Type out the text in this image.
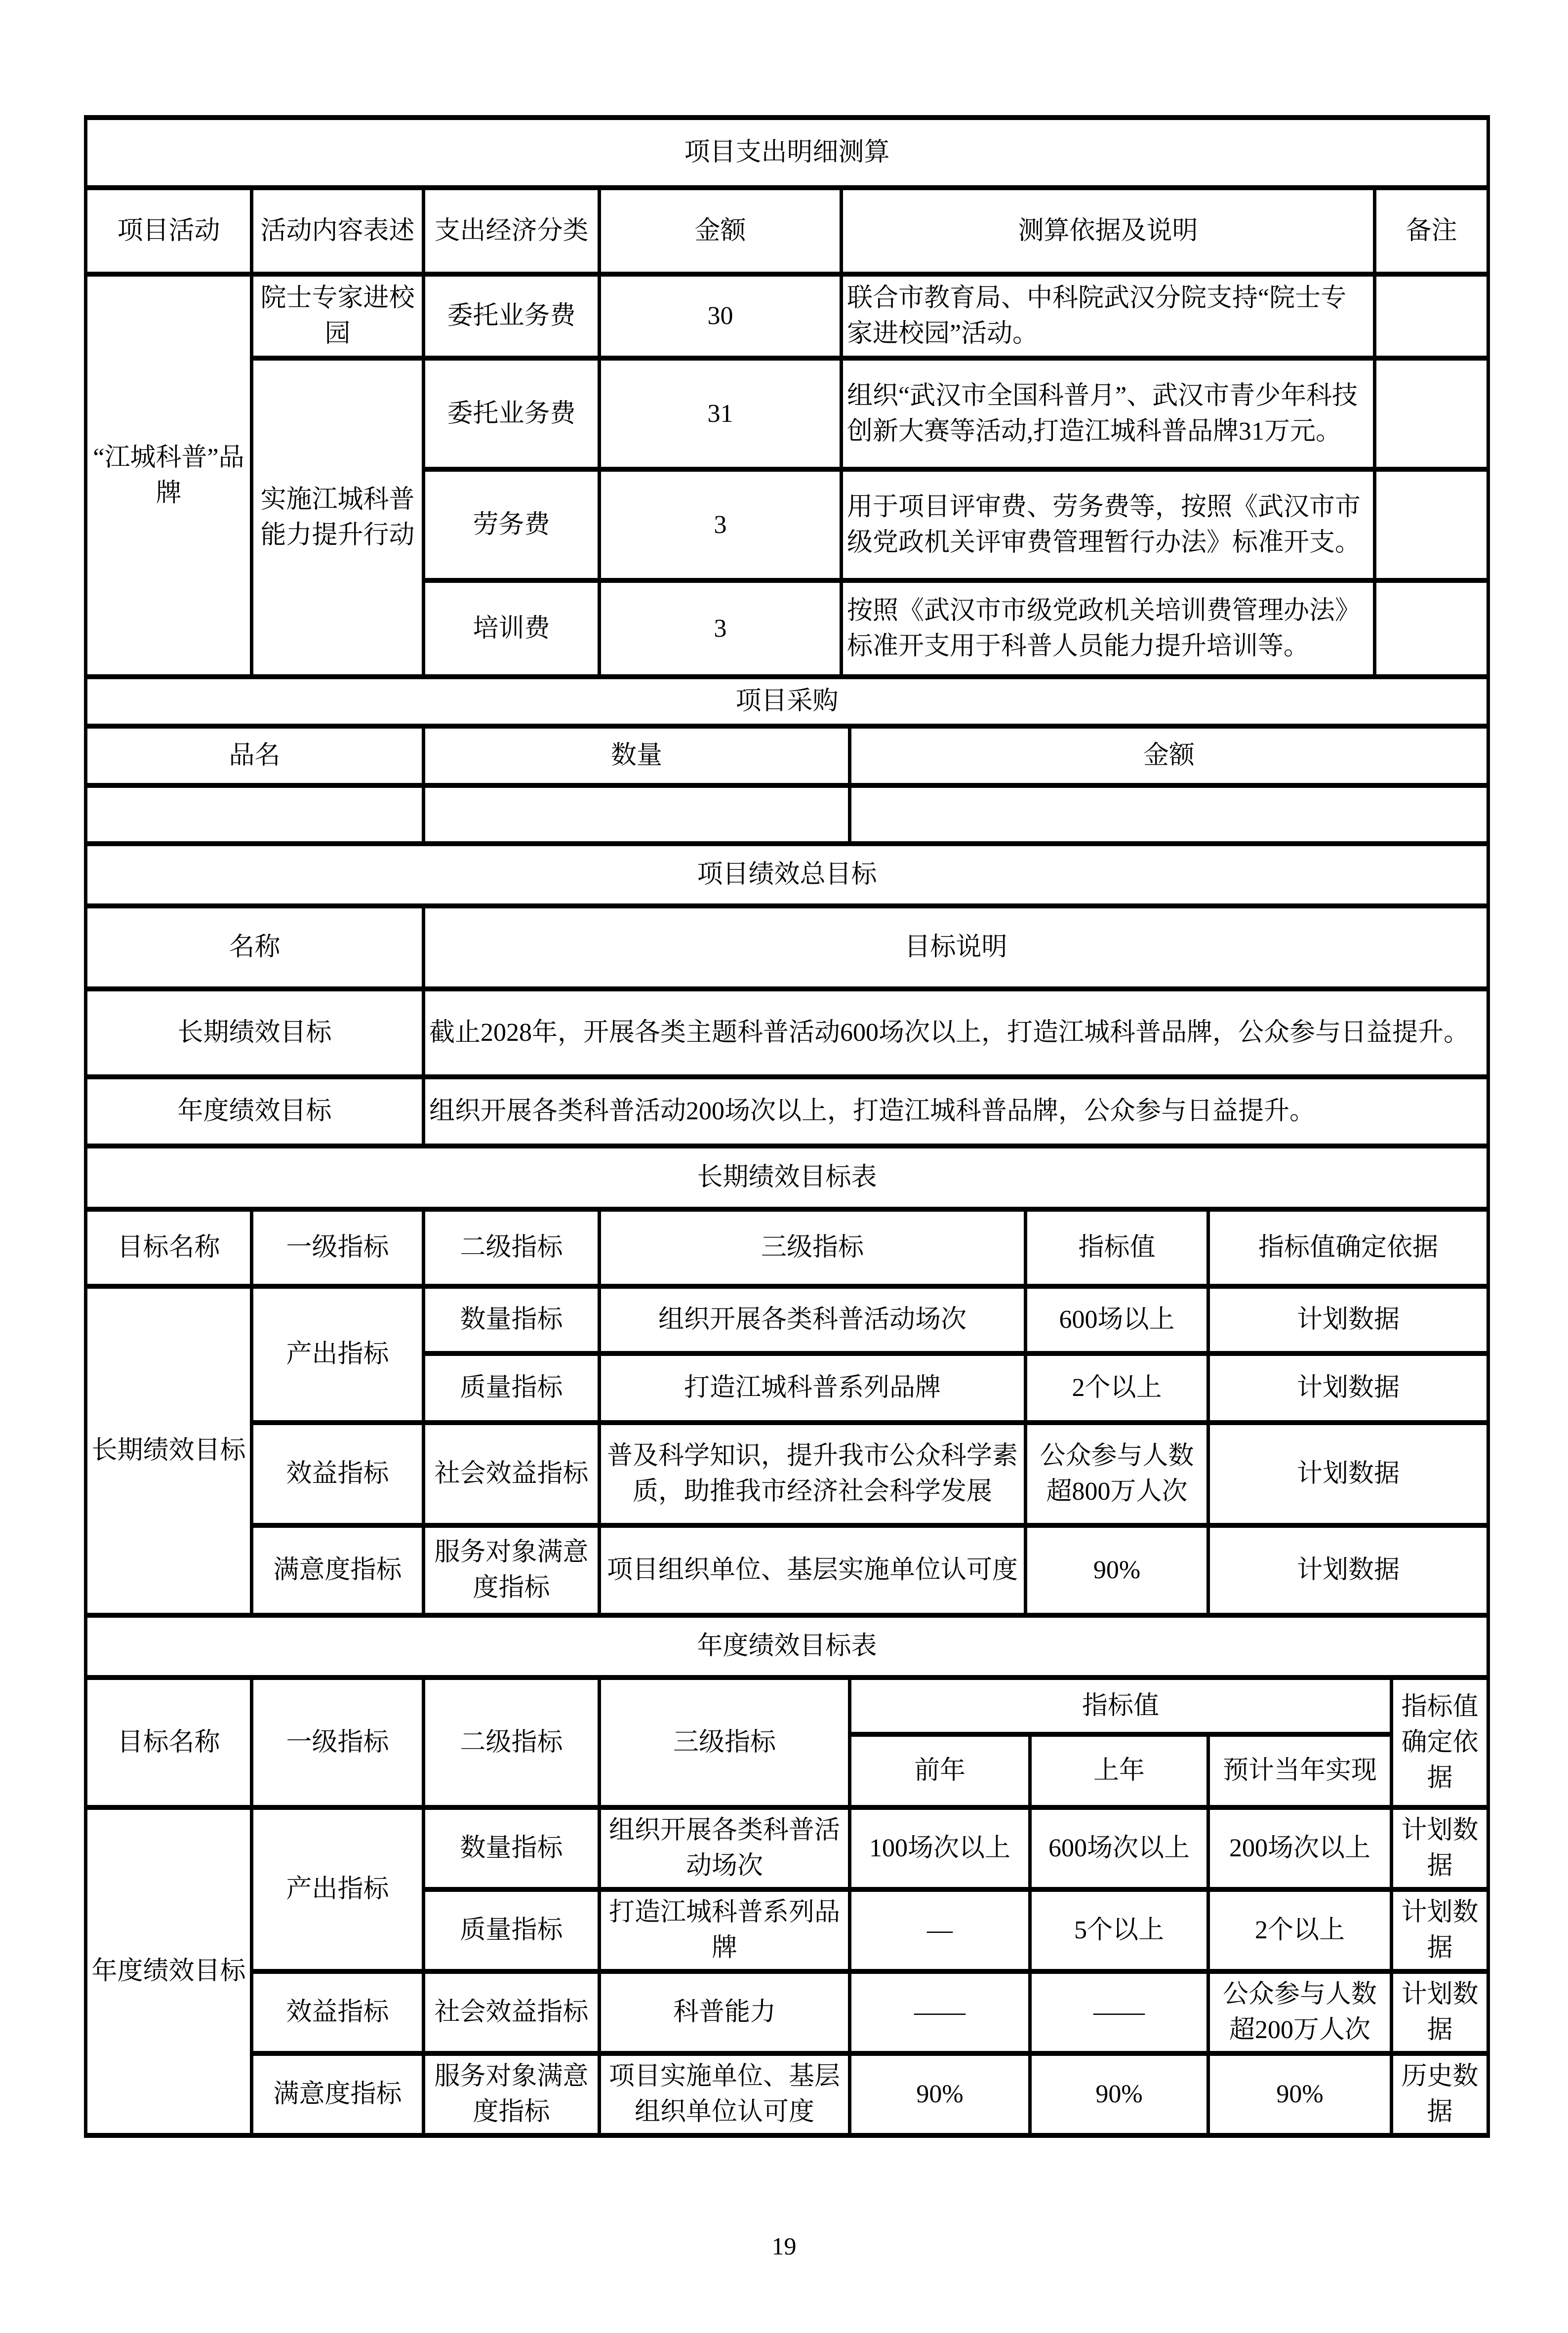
项目支出明细测算					
项目活动	活动内容表述	支出经济分类	金额	测算依据及说明	备注
“江城科普”品牌	院士专家进校园	委托业务费	30	联合市教育局、中科院武汉分院支持“院士专家进校园”活动。	
	实施江城科普能力提升行动	委托业务费	31	组织“武汉市全国科普月”、武汉市青少年科技创新大赛等活动,打造江城科普品牌31万元。	
		劳务费	3	用于项目评审费、劳务费等，按照《武汉市市级党政机关评审费管理暂行办法》标准开支。	
		培训费	3	按照《武汉市市级党政机关培训费管理办法》标准开支用于科普人员能力提升培训等。	
项目采购		
品名	数量	金额

项目绩效总目标	
名称	目标说明
长期绩效目标	截止2028年，开展各类主题科普活动600场次以上，打造江城科普品牌，公众参与日益提升。
年度绩效目标	组织开展各类科普活动200场次以上，打造江城科普品牌，公众参与日益提升。
长期绩效目标表					
目标名称	一级指标	二级指标	三级指标	指标值	指标值确定依据
长期绩效目标	产出指标	数量指标	组织开展各类科普活动场次	600场以上	计划数据
		质量指标	打造江城科普系列品牌	2个以上	计划数据
	效益指标	社会效益指标	普及科学知识，提升我市公众科学素质，助推我市经济社会科学发展	公众参与人数超800万人次	计划数据
	满意度指标	服务对象满意度指标	项目组织单位、基层实施单位认可度	90%	计划数据
年度绩效目标表							
目标名称	一级指标	二级指标	三级指标	指标值			指标值确定依据
				前年	上年	预计当年实现	
年度绩效目标	产出指标	数量指标	组织开展各类科普活动场次	100场次以上	600场次以上	200场次以上	计划数据
		质量指标	打造江城科普系列品牌	—	5个以上	2个以上	计划数据
	效益指标	社会效益指标	科普能力	——	——	公众参与人数超200万人次	计划数据
	满意度指标	服务对象满意度指标	项目实施单位、基层组织单位认可度	90%	90%	90%	历史数据
19
